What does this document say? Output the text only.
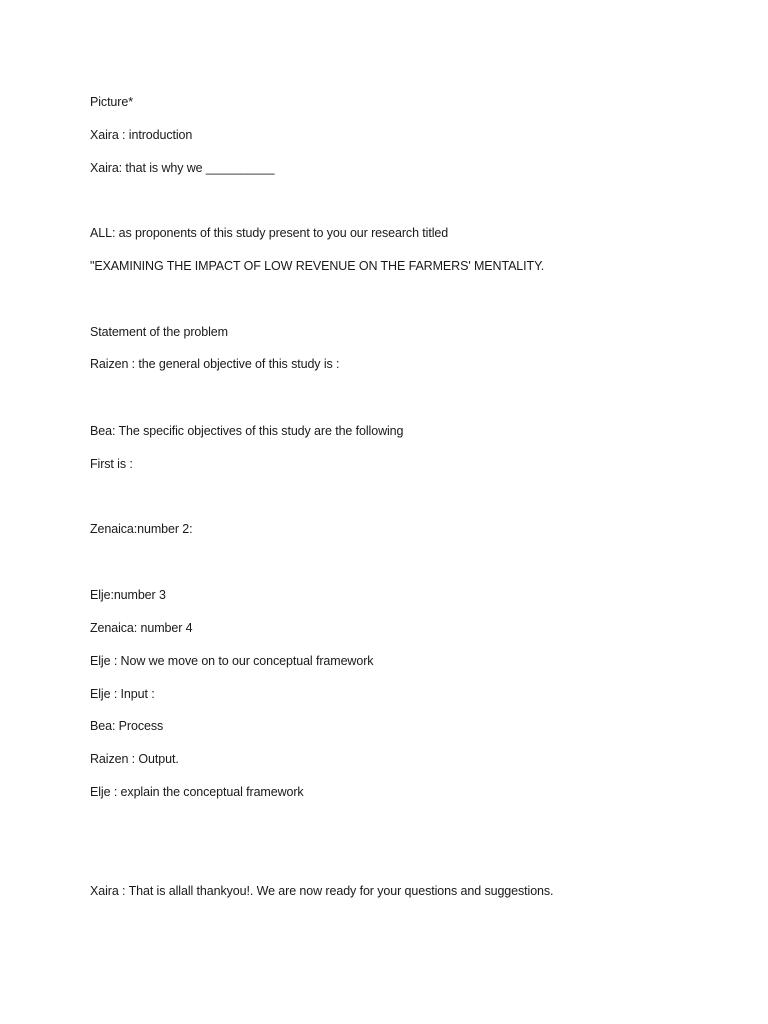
Picture*
Xaira : introduction
Xaira: that is why we __________
ALL: as proponents of this study present to you our research titled
"EXAMINING THE IMPACT OF LOW REVENUE ON THE FARMERS' MENTALITY.
Statement of the problem
Raizen : the general objective of this study is :
Bea: The specific objectives of this study are the following
First is :
Zenaica:number 2:
Elje:number 3
Zenaica: number 4
Elje : Now we move on to our conceptual framework
Elje : Input :
Bea: Process
Raizen : Output.
Elje : explain the conceptual framework
Xaira : That is allall thankyou!. We are now ready for your questions and suggestions.
